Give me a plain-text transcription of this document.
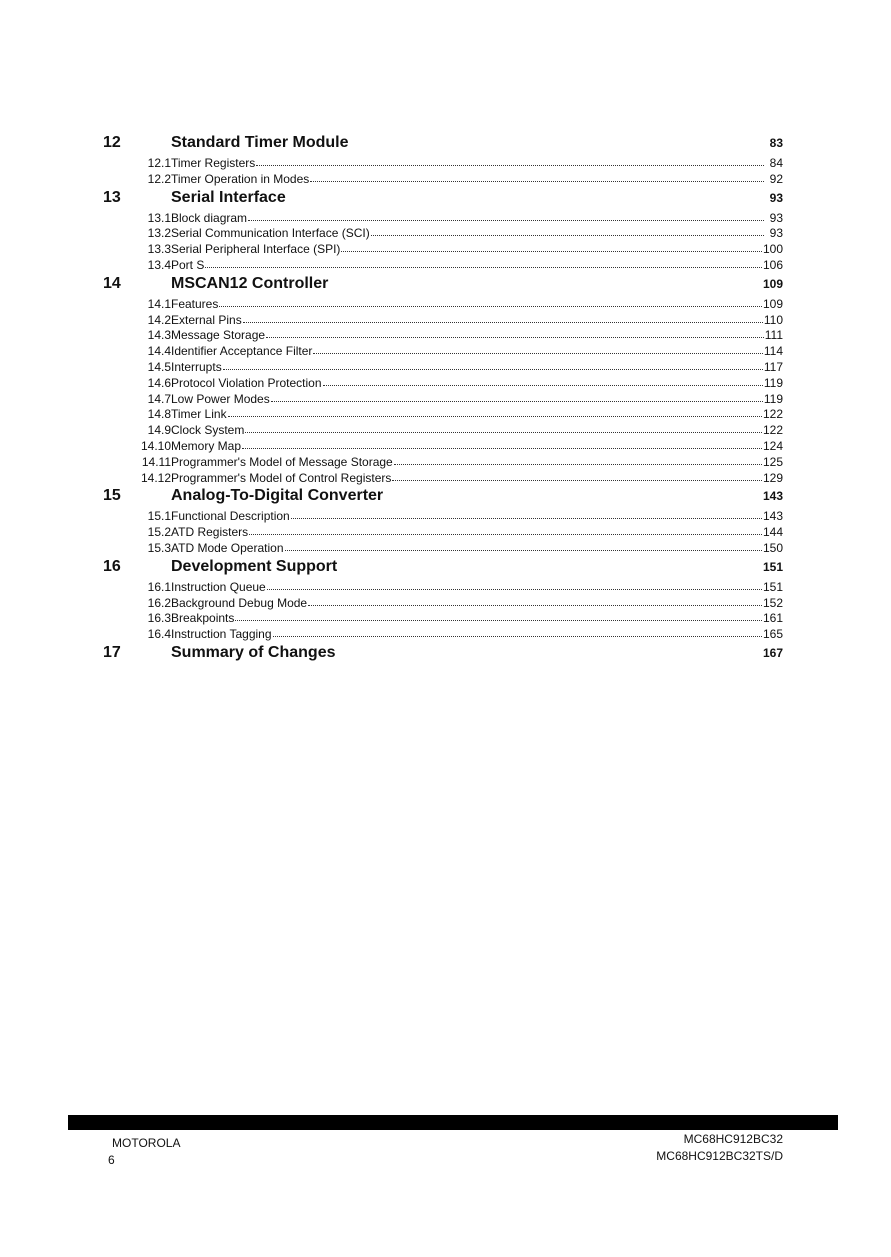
12	Standard Timer Module	83
12.1 Timer Registers	84
12.2 Timer Operation in Modes	92
13	Serial Interface	93
13.1 Block diagram	93
13.2 Serial Communication Interface (SCI)	93
13.3 Serial Peripheral Interface (SPI)	100
13.4 Port S	106
14	MSCAN12 Controller	109
14.1 Features	109
14.2 External Pins	110
14.3 Message Storage	111
14.4 Identifier Acceptance Filter	114
14.5 Interrupts	117
14.6 Protocol Violation Protection	119
14.7 Low Power Modes	119
14.8 Timer Link	122
14.9 Clock System	122
14.10 Memory Map	124
14.11 Programmer's Model of Message Storage	125
14.12 Programmer's Model of Control Registers	129
15	Analog-To-Digital Converter	143
15.1 Functional Description	143
15.2 ATD Registers	144
15.3 ATD Mode Operation	150
16	Development Support	151
16.1 Instruction Queue	151
16.2 Background Debug Mode	152
16.3 Breakpoints	161
16.4 Instruction Tagging	165
17	Summary of Changes	167
MOTOROLA
6
MC68HC912BC32
MC68HC912BC32TS/D
